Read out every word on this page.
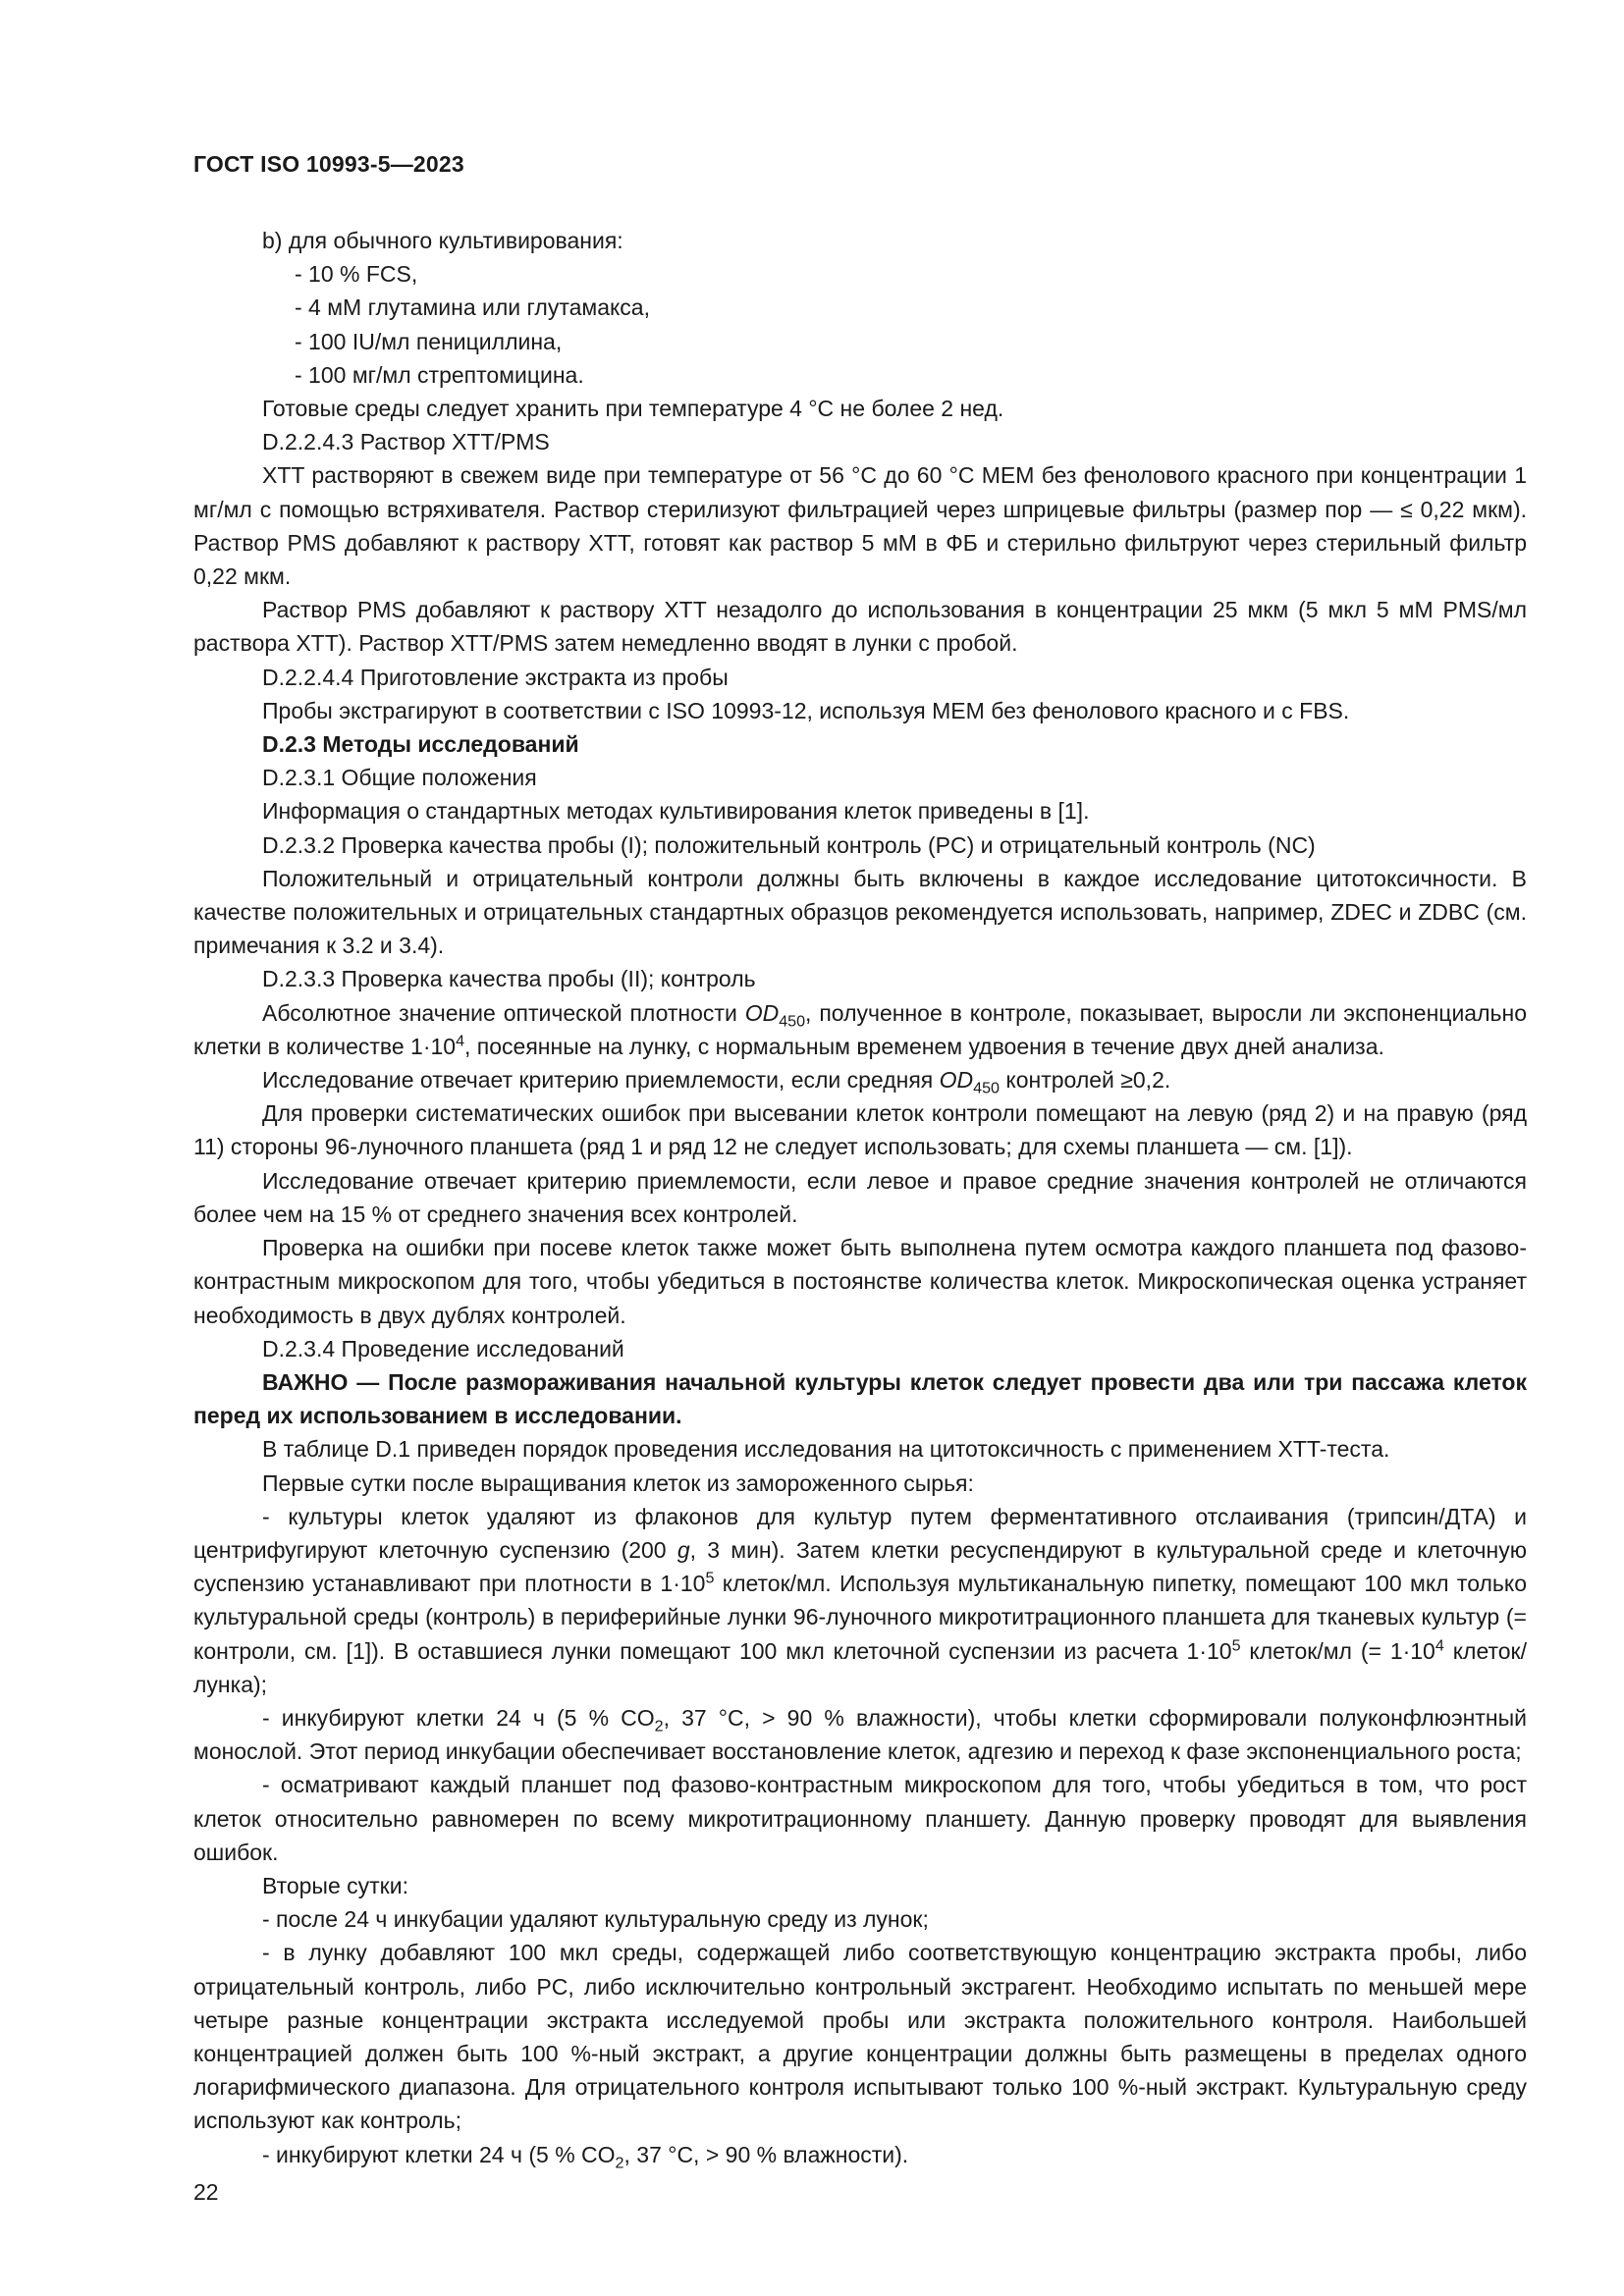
ГОСТ ISO 10993-5—2023

b) для обычного культивирования:

- 10 % FCS,

- 4 мМ глутамина или глутамакса,

- 100 IU/мл пенициллина,

- 100 мг/мл стрептомицина.

Готовые среды следует хранить при температуре 4 °С не более 2 нед.

D.2.2.4.3 Раствор XTT/PMS

XTT растворяют в свежем виде при температуре от 56 °С до 60 °С МЕМ без фенолового красного при концентрации 1 мг/мл с помощью встряхивателя. Раствор стерилизуют фильтрацией через шприцевые фильтры (размер пор — ≤ 0,22 мкм). Раствор PMS добавляют к раствору XTT, готовят как раствор 5 мМ в ФБ и стерильно фильтруют через стерильный фильтр 0,22 мкм.

Раствор PMS добавляют к раствору XTT незадолго до использования в концентрации 25 мкм (5 мкл 5 мМ PMS/мл раствора XTT). Раствор XTT/PMS затем немедленно вводят в лунки с пробой.

D.2.2.4.4 Приготовление экстракта из пробы

Пробы экстрагируют в соответствии с ISO 10993-12, используя МЕМ без фенолового красного и с FBS.

D.2.3 Методы исследований

D.2.3.1 Общие положения

Информация о стандартных методах культивирования клеток приведены в [1].

D.2.3.2 Проверка качества пробы (I); положительный контроль (PC) и отрицательный контроль (NC)

Положительный и отрицательный контроли должны быть включены в каждое исследование цитотоксичности. В качестве положительных и отрицательных стандартных образцов рекомендуется использовать, например, ZDEC и ZDBC (см. примечания к 3.2 и 3.4).

D.2.3.3 Проверка качества пробы (II); контроль

Абсолютное значение оптической плотности $OD_{450}$, полученное в контроле, показывает, выросли ли экспоненциально клетки в количестве $1\cdot 10^4$, посеянные на лунку, с нормальным временем удвоения в течение двух дней анализа.

Исследование отвечает критерию приемлемости, если средняя $OD_{450}$ контролей ≥0,2.

Для проверки систематических ошибок при высевании клеток контроли помещают на левую (ряд 2) и на правую (ряд 11) стороны 96-луночного планшета (ряд 1 и ряд 12 не следует использовать; для схемы планшета — см. [1]).

Исследование отвечает критерию приемлемости, если левое и правое средние значения контролей не отличаются более чем на 15 % от среднего значения всех контролей.

Проверка на ошибки при посеве клеток также может быть выполнена путем осмотра каждого планшета под фазово-контрастным микроскопом для того, чтобы убедиться в постоянстве количества клеток. Микроскопическая оценка устраняет необходимость в двух дублях контролей.

D.2.3.4 Проведение исследований

ВАЖНО — После размораживания начальной культуры клеток следует провести два или три пассажа клеток перед их использованием в исследовании.

В таблице D.1 приведен порядок проведения исследования на цитотоксичность с применением XTT-теста.

Первые сутки после выращивания клеток из замороженного сырья:

- культуры клеток удаляют из флаконов для культур путем ферментативного отслаивания (трипсин/ДТА) и центрифугируют клеточную суспензию (200 g, 3 мин). Затем клетки ресуспендируют в культуральной среде и клеточную суспензию устанавливают при плотности в $1\cdot 10^5$ клеток/мл. Используя мультиканальную пипетку, помещают 100 мкл только культуральной среды (контроль) в периферийные лунки 96-луночного микротитрационного планшета для тканевых культур (= контроли, см. [1]). В оставшиеся лунки помещают 100 мкл клеточной суспензии из расчета $1\cdot 10^5$ клеток/мл (= $1\cdot 10^4$ клеток/лунка);

- инкубируют клетки 24 ч (5 % $CO_2$, 37 °С, > 90 % влажности), чтобы клетки сформировали полуконфлюэнтный монослой. Этот период инкубации обеспечивает восстановление клеток, адгезию и переход к фазе экспоненциального роста;

- осматривают каждый планшет под фазово-контрастным микроскопом для того, чтобы убедиться в том, что рост клеток относительно равномерен по всему микротитрационному планшету. Данную проверку проводят для выявления ошибок.

Вторые сутки:

- после 24 ч инкубации удаляют культуральную среду из лунок;

- в лунку добавляют 100 мкл среды, содержащей либо соответствующую концентрацию экстракта пробы, либо отрицательный контроль, либо PC, либо исключительно контрольный экстрагент. Необходимо испытать по меньшей мере четыре разные концентрации экстракта исследуемой пробы или экстракта положительного контроля. Наибольшей концентрацией должен быть 100 %-ный экстракт, а другие концентрации должны быть размещены в пределах одного логарифмического диапазона. Для отрицательного контроля испытывают только 100 %-ный экстракт. Культуральную среду используют как контроль;

- инкубируют клетки 24 ч (5 % $CO_2$, 37 °С, > 90 % влажности).

22
